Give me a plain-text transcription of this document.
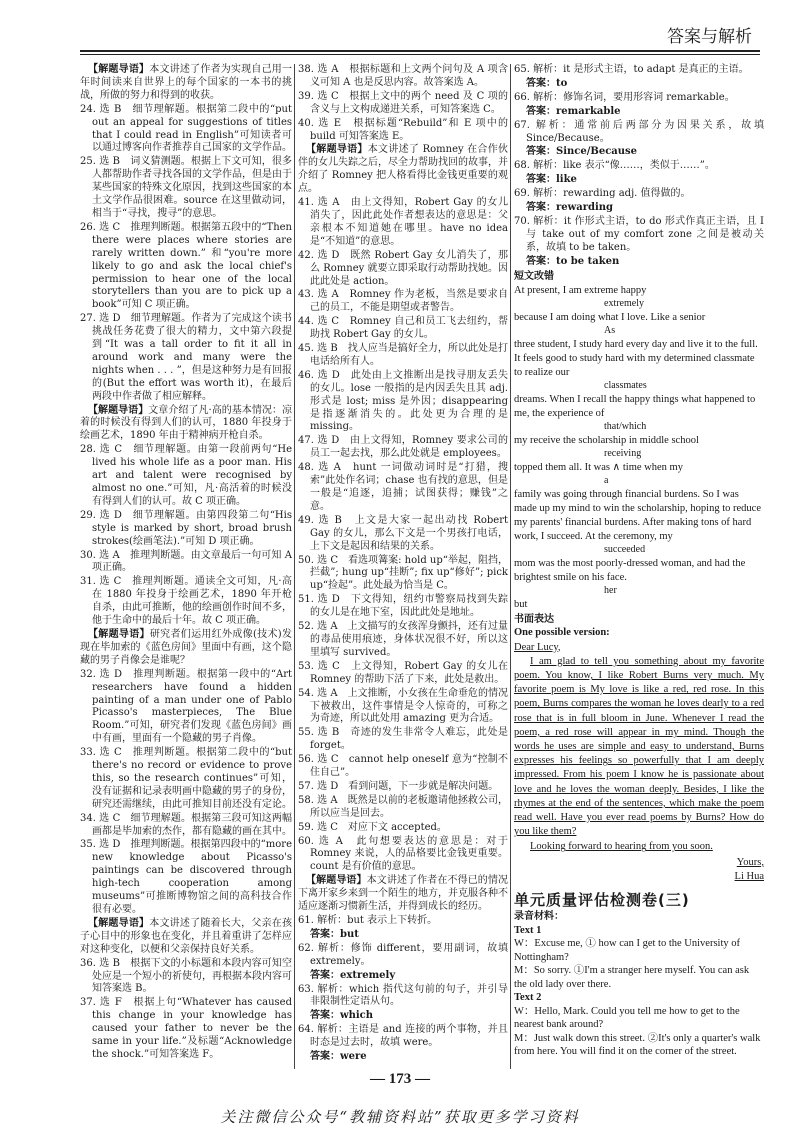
答案与解析

【解题导语】本文讲述了作者为实现自己用一年时间读来自世界上的每个国家的一本书的挑战，所做的努力和得到的收获。

24. 选 B　细节理解题。根据第二段中的“put out an appeal for suggestions of titles that I could read in English”可知读者可以通过博客向作者推荐自己国家的文学作品。

25. 选 B　词义猜测题。根据上下文可知，很多人都帮助作者寻找各国的文学作品，但是由于某些国家的特殊文化原因，找到这些国家的本土文学作品很困难。source 在这里做动词，相当于“寻找，搜寻”的意思。

26. 选 C　推理判断题。根据第五段中的“Then there were places where stories are rarely written down.” 和“you're more likely to go and ask the local chief's permission to hear one of the local storytellers than you are to pick up a book”可知 C 项正确。

27. 选 D　细节理解题。作者为了完成这个读书挑战任务花费了很大的精力，文中第六段提到“It was a tall order to fit it all in around work and many were the nights when . . . ”，但是这种努力是有回报的(But the effort was worth it)，在最后两段中作者做了相应解释。

【解题导语】文章介绍了凡·高的基本情况：凉着的时候没有得到人们的认可，1880 年投身于绘画艺术，1890 年由于精神病开枪自杀。

28. 选 C　细节理解题。由第一段前两句“He lived his whole life as a poor man. His art and talent were recognised by almost no one.”可知，凡·高活着的时候没有得到人们的认可。故 C 项正确。

29. 选 D　细节理解题。由第四段第二句“His style is marked by short, broad brush strokes(绘画笔法).”可知 D 项正确。

30. 选 A　推理判断题。由文章最后一句可知 A 项正确。

31. 选 C　推理判断题。通读全文可知，凡·高在 1880 年投身于绘画艺术，1890 年开枪自杀，由此可推断，他的绘画创作时间不多，他于生命中的最后十年。故 C 项正确。

【解题导语】研究者们运用红外成像(技术)发现在毕加索的《蓝色房间》里面中有画，这个隐藏的男子肖像会是谁呢？

32. 选 D　推理判断题。根据第一段中的“Art researchers have found a hidden painting of a man under one of Pablo Picasso's masterpieces, The Blue Room.”可知，研究者们发现《蓝色房间》画中有画，里面有一个隐藏的男子肖像。

33. 选 C　推理判断题。根据第二段中的“but there's no record or evidence to prove this, so the research continues”可知，没有证据和记录表明画中隐藏的男子的身份，研究还需继续，由此可推知目前还没有定论。

34. 选 C　细节理解题。根据第三段可知这两幅画都是毕加索的杰作，都有隐藏的画在其中。

35. 选 D　推理判断题。根据第四段中的“more new knowledge about Picasso's paintings can be discovered through high-tech cooperation among museums”可推断博物馆之间的高科技合作很有必要。

【解题导语】本文讲述了随着长大，父亲在孩子心目中的形象也在变化，并且着重讲了怎样应对这种变化，以便和父亲保持良好关系。

36. 选 B　根据下文的小标题和本段内容可知空处应是一个短小的祈使句，再根据本段内容可知答案选 B。

37. 选 F　根据上句“Whatever has caused this change in your knowledge has caused your father to never be the same in your life.”及标题“Acknowledge the shock.”可知答案选 F。

38. 选 A　根据标题和上文两个问句及 A 项含义可知 A 也是反思内容。故答案选 A。

39. 选 C　根据上文中的两个 need 及 C 项的含义与上文构成递进关系，可知答案选 C。

40. 选 E　根据标题“Rebuild”和 E 项中的 build 可知答案选 E。

【解题导语】本文讲述了 Romney 在合作伙伴的女儿失踪之后，尽全力帮助找回的故事，并介绍了 Romney 把人格看得比金钱更重要的观点。

41. 选 A　由上文得知，Robert Gay 的女儿消失了，因此此处作者想表达的意思是：父亲根本不知道她在哪里。have no idea 是“不知道”的意思。

42. 选 D　既然 Robert Gay 女儿消失了，那么 Romney 就要立即采取行动帮助找她。因此此处是 action。

43. 选 A　Romney 作为老板，当然是要求自己的员工，不能是期望或者警告。

44. 选 C　Romney 自己和员工飞去纽约，帮助找 Robert Gay 的女儿。

45. 选 B　找人应当是搞好全力，所以此处是打电话给所有人。

46. 选 D　此处由上文推断出是找寻朋友丢失的女儿。lose 一般指的是内因丢失且其 adj. 形式是 lost; miss 是外因；disappearing 是指逐渐消失的。此处更为合理的是 missing。

47. 选 D　由上文得知，Romney 要求公司的员工一起去找，那么此处就是 employees。

48. 选 A　hunt 一词做动词时是“打猎，搜索”此处作名词；chase 也有找的意思，但是一般是“追逐，追捕；试图获得；赚钱”之意。

49. 选 B　上文是大家一起出动找 Robert Gay 的女儿，那么下文是一个男孩打电话，上下文是起因和结果的关系。

50. 选 C　看选项篝案: hold up“举起，阻挡，拦截”; hung up“挂断”; fix up“修好”; pick up“捡起”。此处最为恰当是 C。

51. 选 D　下文得知，纽约市警察局找到失踪的女儿是在地下室，因此此处是地址。

52. 选 A　上文描写的女孩浑身颤抖，还有过量的毒品使用痕迹，身体状况很不好，所以这里填写 survived。

53. 选 C　上文得知，Robert Gay 的女儿在 Romney 的帮助下活了下来，此处是救出。

54. 选 A　上文推断，小女孩在生命垂危的情况下被救出，这件事情是令人惊奇的，可称之为奇迹，所以此处用 amazing 更为合适。

55. 选 B　奇迹的发生非常令人难忘，此处是 forget。

56. 选 C　cannot help oneself 意为“控制不住自己”。

57. 选 D　看到问题，下一步就是解决问题。

58. 选 A　既然是以前的老板邀请他拯救公司，所以应当是回去。

59. 选 C　对应下文 accepted。

60. 选 A　此句想要表达的意思是：对于 Romney 来说，人的品格要比金钱更重要。count 是有价值的意思。

【解题导语】本文讲述了作者在不得已的情况下离开家乡来到一个陌生的地方，并克服各种不适应逐渐习惯新生活，并得到成长的经历。

61. 解析：but 表示上下转折。

答案：but

62. 解析：修饰 different，要用副词，故填 extremely。

答案：extremely

63. 解析：which 指代这句前的句子，并引导非限制性定语从句。

答案：which

64. 解析：主语是 and 连接的两个事物，并且时态是过去时，故填 were。

答案：were

65. 解析：it 是形式主语，to adapt 是真正的主语。

答案：to

66. 解析：修饰名词，要用形容词 remarkable。

答案：remarkable

67. 解析：通常前后两部分为因果关系，故填 Since/Because。

答案：Since/Because

68. 解析：like 表示“像……，类似于……”。

答案：like

69. 解析：rewarding adj. 值得做的。

答案：rewarding

70. 解析：it 作形式主语，to do 形式作真正主语，且 I 与 take out of my comfort zone 之间是被动关系，故填 to be taken。

答案：to be taken

短文改错
At present, I am extreme happy
extremely
because I am doing what I love. Like a senior
As
three student, I study hard every day and live it to the full. It feels good to study hard with my determined classmate to realize our
classmates
dreams. When I recall the happy things what happened to me, the experience of
that/which
my receive the scholarship in middle school
receiving
topped them all. It was ∧ time when my
a
family was going through financial burdens. So I was made up my mind to win the scholarship, hoping to reduce my parents' financial burdens. After making tons of hard work, I succeed. At the ceremony, my
succeeded
mom was the most poorly-dressed woman, and had the brightest smile on his face.
her
but
书面表达
One possible version:
Dear Lucy,

I am glad to tell you something about my favorite poem. You know, I like Robert Burns very much. My favorite poem is My love is like a red, red rose. In this poem, Burns compares the woman he loves dearly to a red rose that is in full bloom in June. Whenever I read the poem, a red rose will appear in my mind. Though the words he uses are simple and easy to understand, Burns expresses his feelings so powerfully that I am deeply impressed. From his poem I know he is passionate about love and he loves the woman deeply. Besides, I like the rhymes at the end of the sentences, which make the poem read well. Have you ever read poems by Burns? How do you like them?

Looking forward to hearing from you soon.

Yours,
Li Hua
单元质量评估检测卷(三)
录音材料：
Text 1
W：Excuse me, ① how can I get to the University of Nottingham?
M：So sorry. ①I'm a stranger here myself. You can ask the old lady over there.
Text 2
W：Hello, Mark. Could you tell me how to get to the nearest bank around?
M：Just walk down this street. ②It's only a quarter's walk from here. You will find it on the corner of the street.
— 173 —
关注微信公众号“教辅资料站”获取更多学习资料
